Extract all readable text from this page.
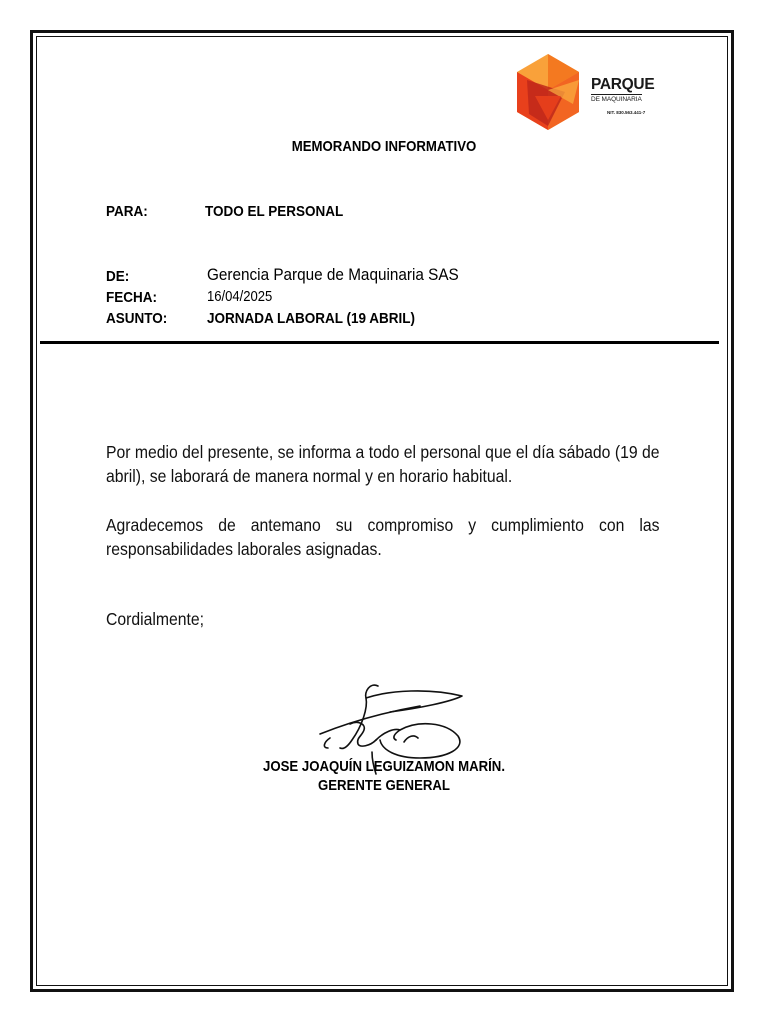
PARQUE
DE MAQUINARIA
NIT. 830.563.441-7
MEMORANDO INFORMATIVO
PARA:	TODO EL PERSONAL
DE:	Gerencia Parque de Maquinaria SAS
FECHA:	16/04/2025
ASUNTO:	JORNADA LABORAL (19 ABRIL)
Por medio del presente, se informa a todo el personal que el día sábado (19 de abril), se laborará de manera normal y en horario habitual.
Agradecemos de antemano su compromiso y cumplimiento con las responsabilidades laborales asignadas.
Cordialmente;
JOSE JOAQUÍN LEGUIZAMON MARÍN.
GERENTE GENERAL
